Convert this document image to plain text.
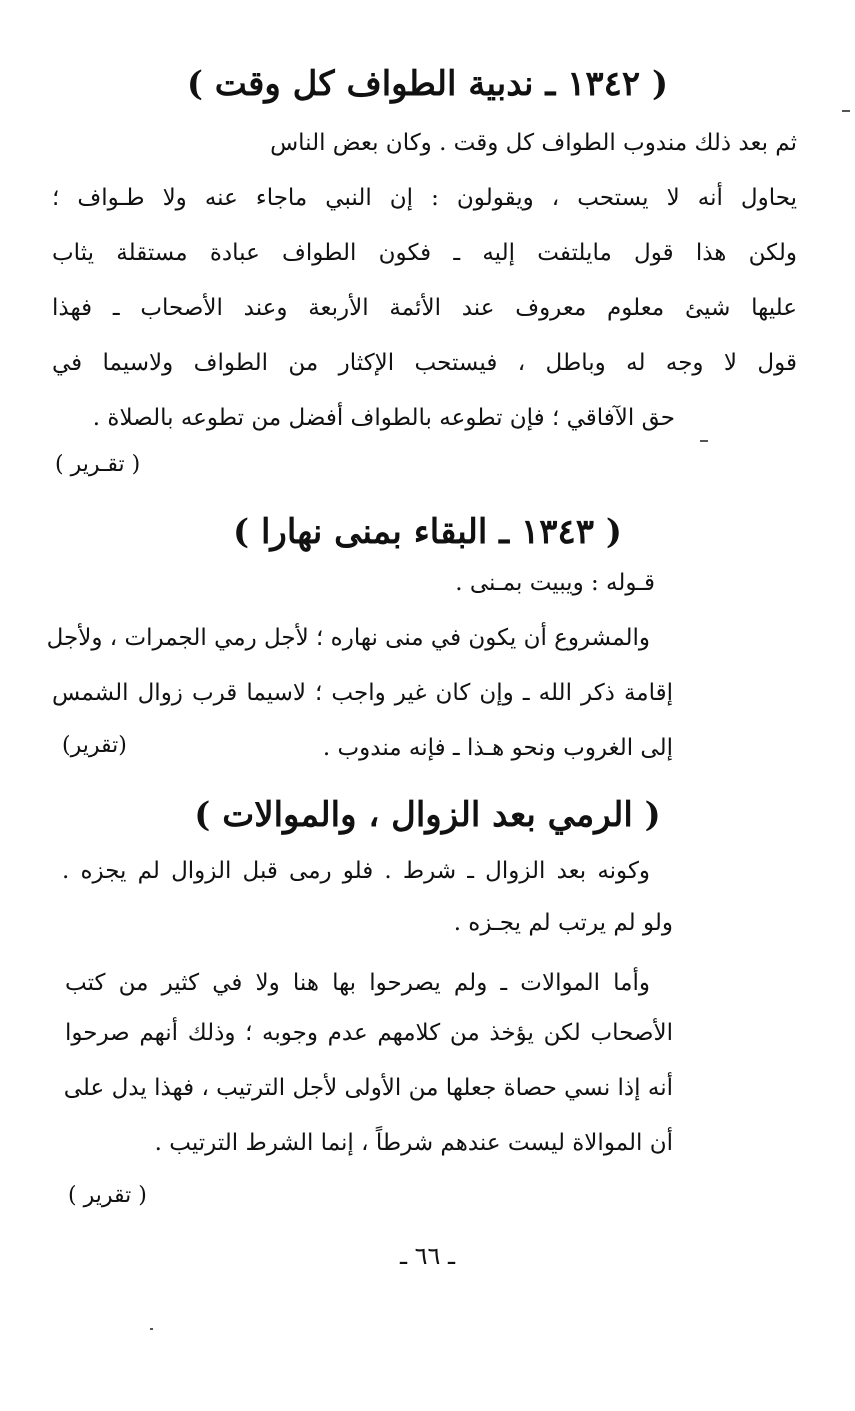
( ١٣٤٢ ـ ندبية الطواف كل وقت )
ثم بعد ذلك مندوب الطواف كل وقت . وكان بعض الناس
يحاول أنه لا يستحب ، ويقولون : إن النبي ماجاء عنه ولا طـواف ؛
ولكن هذا قول مايلتفت إليه ـ فكون الطواف عبادة مستقلة يثاب
عليها شيئ معلوم معروف عند الأئمة الأربعة وعند الأصحاب ـ فهذا
قول لا وجه له وباطل ، فيستحب الإكثار من الطواف ولاسيما في
حق الآفاقي ؛ فإن تطوعه بالطواف أفضل من تطوعه بالصلاة .
( تقـرير )
( ١٣٤٣ ـ البقاء بمنى نهارا )
قـوله : ويبيت بمـنى .
والمشروع أن يكون في منى نهاره ؛ لأجل رمي الجمرات ، ولأجل
إقامة ذكر الله ـ وإن كان غير واجب ؛ لاسيما قرب زوال الشمس
إلى الغروب ونحو هـذا ـ فإنه مندوب .
(تقرير)
( الرمي بعد الزوال ، والموالات )
وكونه بعد الزوال ـ شرط . فلو رمى قبل الزوال لم يجزه .
ولو لم يرتب لم يجـزه .
وأما الموالات ـ ولم يصرحوا بها هنا ولا في كثير من كتب
الأصحاب لكن يؤخذ من كلامهم عدم وجوبه ؛ وذلك أنهم صرحوا
أنه إذا نسي حصاة جعلها من الأولى لأجل الترتيب ، فهذا يدل على
أن الموالاة ليست عندهم شرطاً ، إنما الشرط الترتيب .
( تقرير )
ـ ٦٦ ـ
